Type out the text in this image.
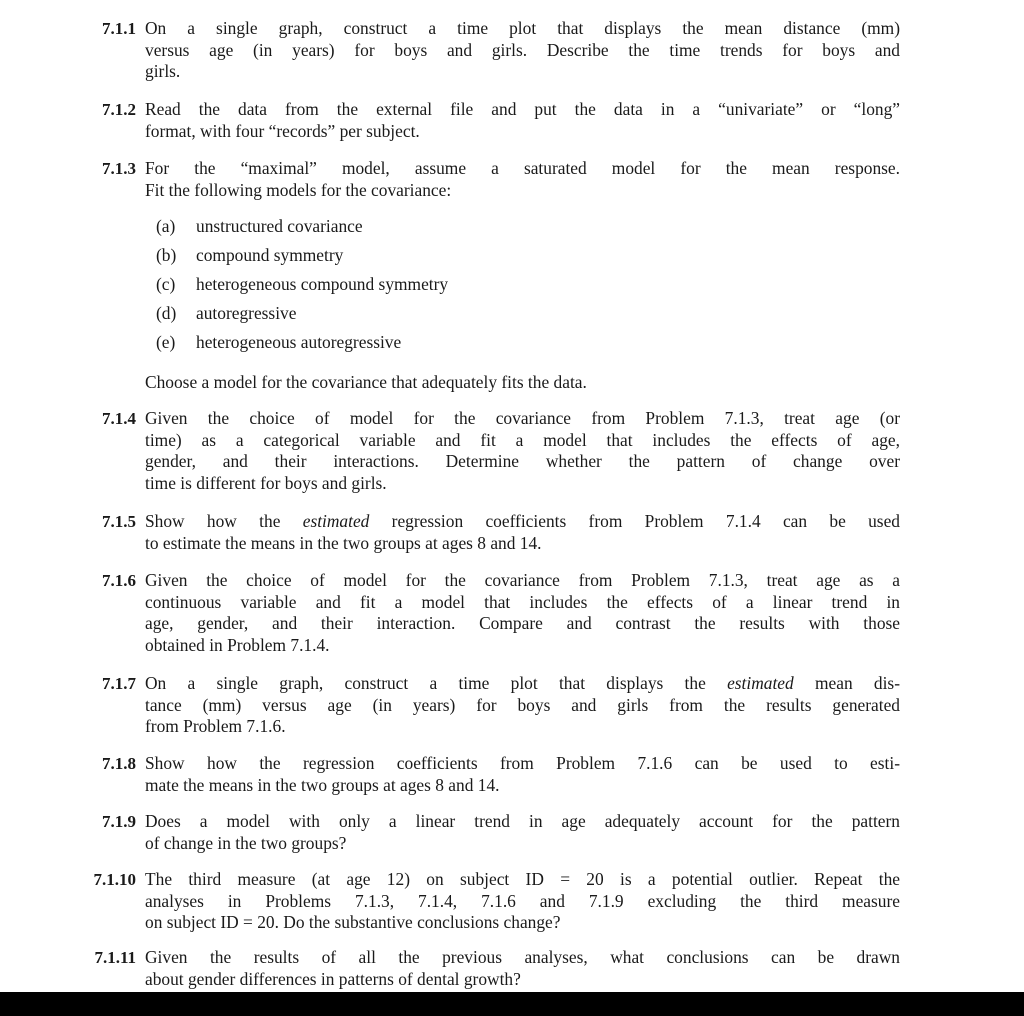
7.1.1 On a single graph, construct a time plot that displays the mean distance (mm)
versus age (in years) for boys and girls. Describe the time trends for boys and
girls.
7.1.2 Read the data from the external file and put the data in a “univariate” or “long”
format, with four “records” per subject.
7.1.3 For the “maximal” model, assume a saturated model for the mean response.
Fit the following models for the covariance:
(a) unstructured covariance
(b) compound symmetry
(c) heterogeneous compound symmetry
(d) autoregressive
(e) heterogeneous autoregressive
Choose a model for the covariance that adequately fits the data.
7.1.4 Given the choice of model for the covariance from Problem 7.1.3, treat age (or
time) as a categorical variable and fit a model that includes the effects of age,
gender, and their interactions. Determine whether the pattern of change over
time is different for boys and girls.
7.1.5 Show how the estimated regression coefficients from Problem 7.1.4 can be used
to estimate the means in the two groups at ages 8 and 14.
7.1.6 Given the choice of model for the covariance from Problem 7.1.3, treat age as a
continuous variable and fit a model that includes the effects of a linear trend in
age, gender, and their interaction. Compare and contrast the results with those
obtained in Problem 7.1.4.
7.1.7 On a single graph, construct a time plot that displays the estimated mean dis-
tance (mm) versus age (in years) for boys and girls from the results generated
from Problem 7.1.6.
7.1.8 Show how the regression coefficients from Problem 7.1.6 can be used to esti-
mate the means in the two groups at ages 8 and 14.
7.1.9 Does a model with only a linear trend in age adequately account for the pattern
of change in the two groups?
7.1.10 The third measure (at age 12) on subject ID = 20 is a potential outlier. Repeat the
analyses in Problems 7.1.3, 7.1.4, 7.1.6 and 7.1.9 excluding the third measure
on subject ID = 20. Do the substantive conclusions change?
7.1.11 Given the results of all the previous analyses, what conclusions can be drawn
about gender differences in patterns of dental growth?
